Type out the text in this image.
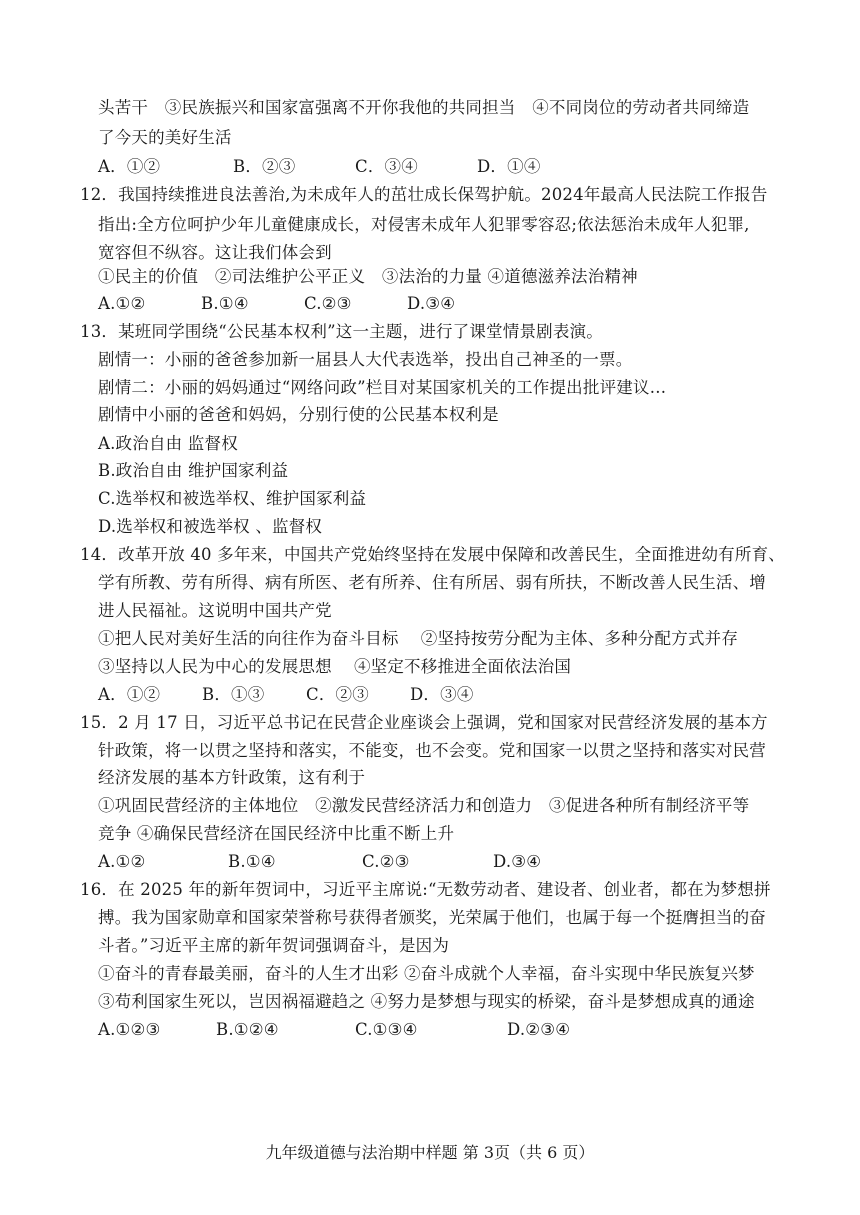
头苦干　③民族振兴和国家富强离不开你我他的共同担当　④不同岗位的劳动者共同缔造
了今天的美好生活
A．①②	B．②③	C．③④	D．①④
12．我国持续推进良法善治,为未成年人的茁壮成长保驾护航。2024年最高人民法院工作报告
指出:全方位呵护少年儿童健康成长，对侵害未成年人犯罪零容忍;依法惩治未成年人犯罪,
宽容但不纵容。这让我们体会到
①民主的价值　②司法维护公平正义　③法治的力量 ④道德滋养法治精神
A.①②	B.①④	C.②③	D.③④
13．某班同学围绕“公民基本权利”这一主题，进行了课堂情景剧表演。
剧情一：小丽的爸爸参加新一届县人大代表选举，投出自己神圣的一票。
剧情二：小丽的妈妈通过“网络问政”栏目对某国家机关的工作提出批评建议…
剧情中小丽的爸爸和妈妈，分别行使的公民基本权利是
A.政治自由 监督权
B.政治自由 维护国家利益
C.选举权和被选举权、维护国冢利益
D.选举权和被选举权 、监督权
14．改革开放 40 多年来，中国共产党始终坚持在发展中保障和改善民生，全面推进幼有所育、
学有所教、劳有所得、病有所医、老有所养、住有所居、弱有所扶，不断改善人民生活、增
进人民福祉。这说明中国共产党
①把人民对美好生活的向往作为奋斗目标　 ②坚持按劳分配为主体、多种分配方式并存
③坚持以人民为中心的发展思想　 ④坚定不移推进全面依法治国
A．①②	B．①③	C．②③ D．③④
15．2 月 17 日，习近平总书记在民营企业座谈会上强调，党和国家对民营经济发展的基本方
针政策，将一以贯之坚持和落实，不能变，也不会变。党和国家一以贯之坚持和落实对民营
经济发展的基本方针政策，这有利于
①巩固民营经济的主体地位　②激发民营经济活力和创造力　③促进各种所有制经济平等
竞争 ④确保民营经济在国民经济中比重不断上升
A.①②	B.①④	C.②③	D.③④
16．在 2025 年的新年贺词中，习近平主席说:“无数劳动者、建设者、创业者，都在为梦想拼
搏。我为国家勋章和国家荣誉称号获得者颁奖，光荣属于他们，也属于每一个挺膺担当的奋
斗者。”习近平主席的新年贺词强调奋斗，是因为
①奋斗的青春最美丽，奋斗的人生才出彩 ②奋斗成就个人幸福，奋斗实现中华民族复兴梦
③苟利国家生死以，岂因祸福避趋之 ④努力是梦想与现实的桥梁，奋斗是梦想成真的通途
A.①②③	B.①②④	C.①③④	D.②③④
九年级道德与法治期中样题 第 3页（共 6 页）
